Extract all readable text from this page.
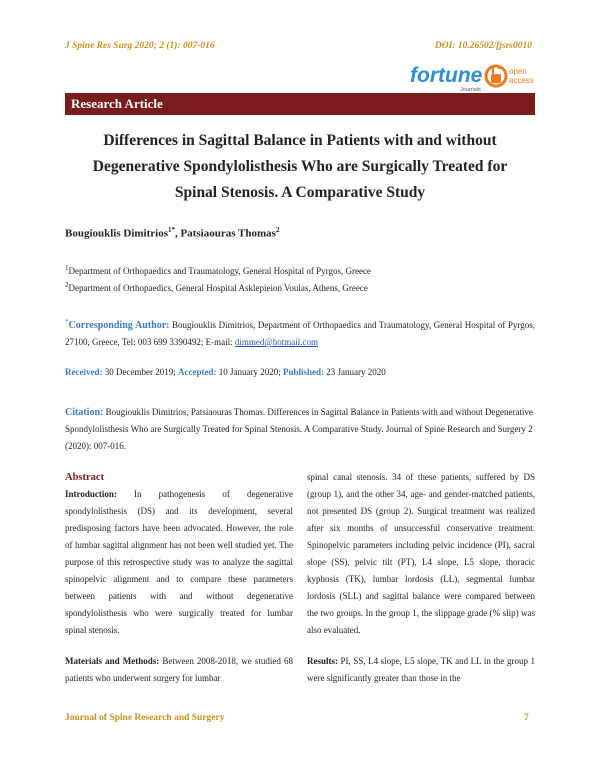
J Spine Res Surg 2020; 2 (1): 007-016	DOI: 10.26502/fjsrs0010
fortune
Journals
open
access
Research Article
Differences in Sagittal Balance in Patients with and without
Degenerative Spondylolisthesis Who are Surgically Treated for
Spinal Stenosis. A Comparative Study
Bougiouklis Dimitrios$^{1*}$, Patsiaouras Thomas$^2$
$^1$Department of Orthopaedics and Traumatology, General Hospital of Pyrgos, Greece
$^2$Department of Orthopaedics, General Hospital Asklepieion Voulas, Athens, Greece
*Corresponding Author: Bougiouklis Dimitrios, Department of Orthopaedics and Traumatology, General Hospital of Pyrgos, 27100, Greece, Tel: 003 699 3390492; E-mail: dimmed@hotmail.com
Received: 30 December 2019; Accepted: 10 January 2020; Published: 23 January 2020
Citation: Bougiouklis Dimitrios, Patsiaouras Thomas. Differences in Sagittal Balance in Patients with and without Degenerative Spondylolisthesis Who are Surgically Treated for Spinal Stenosis. A Comparative Study. Journal of Spine Research and Surgery 2 (2020): 007-016.
Abstract

Introduction: In pathogenesis of degenerative spondylolisthesis (DS) and its development, several predisposing factors have been advocated. However, the role of lumbar sagittal alignment has not been well studied yet. The purpose of this retrospective study was to analyze the sagittal spinopelvic alignment and to compare these parameters between patients with and without degenerative spondylolisthesis who were surgically treated for lumbar spinal stenosis.

Materials and Methods: Between 2008-2018, we studied 68 patients who underwent surgery for lumbar

spinal canal stenosis. 34 of these patients, suffered by DS (group 1), and the other 34, age- and gender-matched patients, not presented DS (group 2). Surgical treatment was realized after six months of unsuccessful conservative treatment. Spinopelvic parameters including pelvic incidence (PI), sacral slope (SS), pelvic tilt (PT), L4 slope, L5 slope, thoracic kyphosis (TK), lumbar lordosis (LL), segmental lumbar lordosis (SLL) and sagittal balance were compared between the two groups. In the group 1, the slippage grade (% slip) was also evaluated.

Results: PI, SS, L4 slope, L5 slope, TK and LL in the group 1 were significantly greater than those in the

Journal of Spine Research and Surgery	7
